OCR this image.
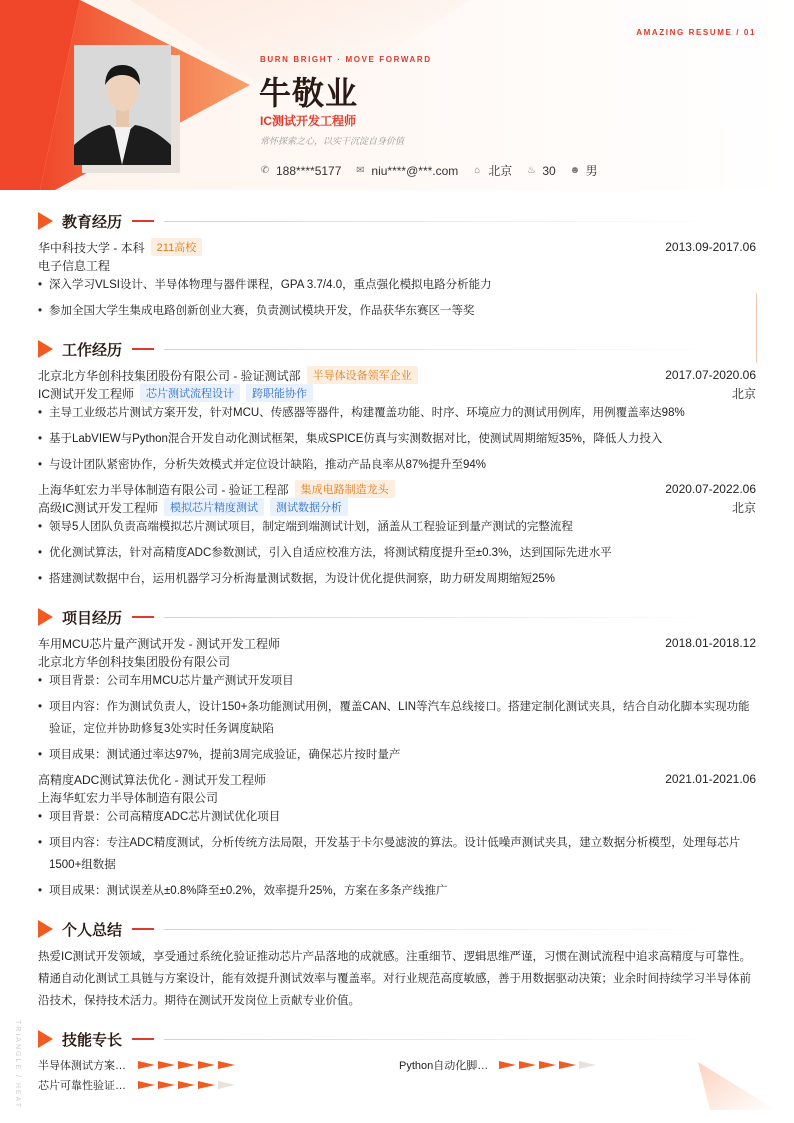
AMAZING RESUME / 01
BURN BRIGHT · MOVE FORWARD
牛敬业
IC测试开发工程师
常怀探索之心，以实干沉淀自身价值
✆ 188****5177 ✉ niu****@***.com ⌂ 北京 ♨ 30 ☻ 男
教育经历
华中科技大学 - 本科	211高校	2013.09-2017.06
电子信息工程
• 深入学习VLSI设计、半导体物理与器件课程，GPA 3.7/4.0，重点强化模拟电路分析能力
• 参加全国大学生集成电路创新创业大赛，负责测试模块开发，作品获华东赛区一等奖
工作经历
北京北方华创科技集团股份有限公司 - 验证测试部	半导体设备领军企业	2017.07-2020.06
IC测试开发工程师	芯片测试流程设计	跨职能协作	北京
• 主导工业级芯片测试方案开发，针对MCU、传感器等器件，构建覆盖功能、时序、环境应力的测试用例库，用例覆盖率达98%
• 基于LabVIEW与Python混合开发自动化测试框架，集成SPICE仿真与实测数据对比，使测试周期缩短35%，降低人力投入
• 与设计团队紧密协作，分析失效模式并定位设计缺陷，推动产品良率从87%提升至94%
上海华虹宏力半导体制造有限公司 - 验证工程部	集成电路制造龙头	2020.07-2022.06
高级IC测试开发工程师	模拟芯片精度测试	测试数据分析	北京
• 领导5人团队负责高端模拟芯片测试项目，制定端到端测试计划，涵盖从工程验证到量产测试的完整流程
• 优化测试算法，针对高精度ADC参数测试，引入自适应校准方法，将测试精度提升至±0.3%，达到国际先进水平
• 搭建测试数据中台，运用机器学习分析海量测试数据，为设计优化提供洞察，助力研发周期缩短25%
项目经历
车用MCU芯片量产测试开发 - 测试开发工程师	2018.01-2018.12
北京北方华创科技集团股份有限公司
• 项目背景：公司车用MCU芯片量产测试开发项目
• 项目内容：作为测试负责人，设计150+条功能测试用例，覆盖CAN、LIN等汽车总线接口。搭建定制化测试夹具，结合自动化脚本实现功能验证，定位并协助修复3处实时任务调度缺陷
• 项目成果：测试通过率达97%，提前3周完成验证，确保芯片按时量产
高精度ADC测试算法优化 - 测试开发工程师	2021.01-2021.06
上海华虹宏力半导体制造有限公司
• 项目背景：公司高精度ADC芯片测试优化项目
• 项目内容：专注ADC精度测试，分析传统方法局限，开发基于卡尔曼滤波的算法。设计低噪声测试夹具，建立数据分析模型，处理每芯片1500+组数据
• 项目成果：测试误差从±0.8%降至±0.2%，效率提升25%，方案在多条产线推广
个人总结
热爱IC测试开发领域，享受通过系统化验证推动芯片产品落地的成就感。注重细节、逻辑思维严谨，习惯在测试流程中追求高精度与可靠性。精通自动化测试工具链与方案设计，能有效提升测试效率与覆盖率。对行业规范高度敏感，善于用数据驱动决策；业余时间持续学习半导体前沿技术，保持技术活力。期待在测试开发岗位上贡献专业价值。
技能专长
半导体测试方案…	Python自动化脚…
芯片可靠性验证…
TRIANGLE / HEAT
